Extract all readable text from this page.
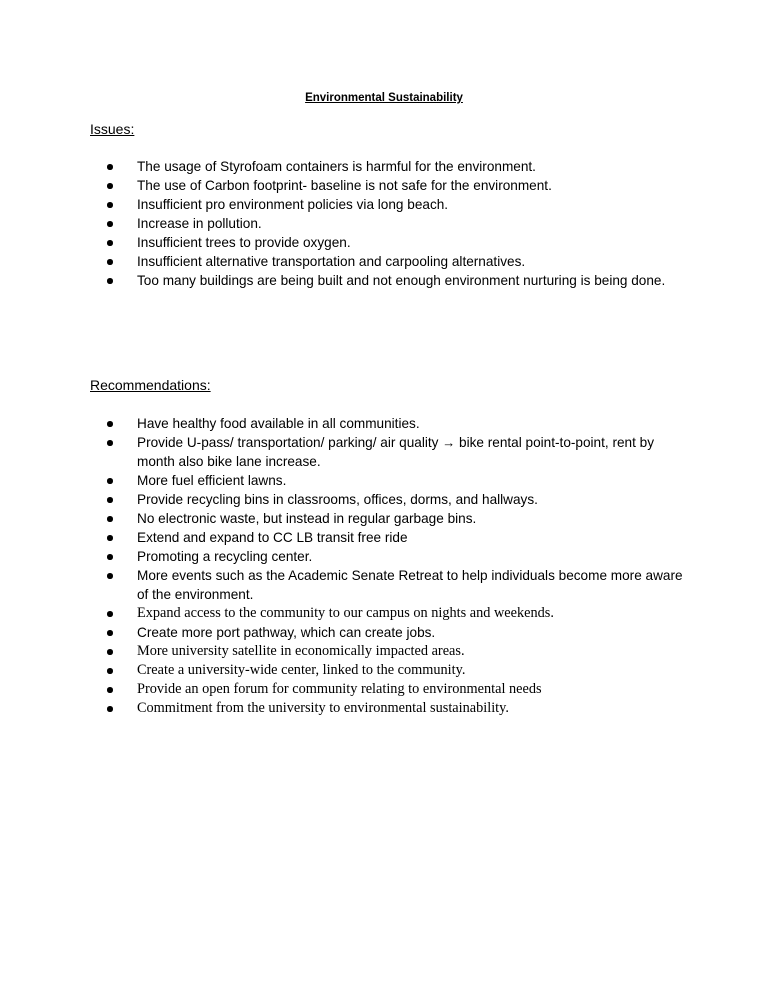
Environmental Sustainability
Issues:
The usage of Styrofoam containers is harmful for the environment.
The use of Carbon footprint- baseline is not safe for the environment.
Insufficient pro environment policies via long beach.
Increase in pollution.
Insufficient trees to provide oxygen.
Insufficient alternative transportation and carpooling alternatives.
Too many buildings are being built and not enough environment nurturing is being done.
Recommendations:
Have healthy food available in all communities.
Provide U-pass/ transportation/ parking/ air quality → bike rental point-to-point, rent by month also bike lane increase.
More fuel efficient lawns.
Provide recycling bins in classrooms, offices, dorms, and hallways.
No electronic waste, but instead in regular garbage bins.
Extend and expand to CC LB transit free ride
Promoting a recycling center.
More events such as the Academic Senate Retreat to help individuals become more aware of the environment.
Expand access to the community to our campus on nights and weekends.
Create more port pathway, which can create jobs.
More university satellite in economically impacted areas.
Create a university-wide center, linked to the community.
Provide an open forum for community relating to environmental needs
Commitment from the university to environmental sustainability.
